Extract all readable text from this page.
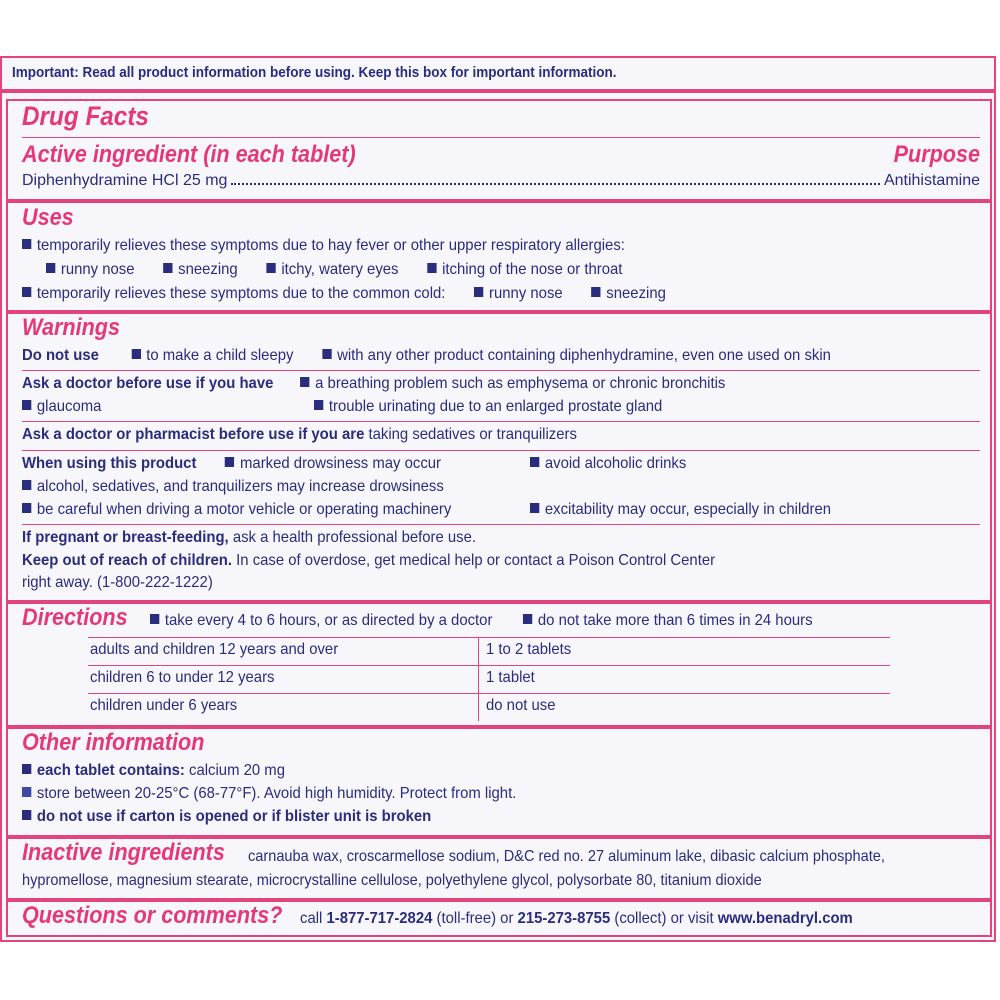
Important: Read all product information before using. Keep this box for important information.
Drug Facts
Active ingredient (in each tablet)	Purpose
Diphenhydramine HCl 25 mg	Antihistamine
Uses
temporarily relieves these symptoms due to hay fever or other upper respiratory allergies:
runny nose	sneezing	itchy, watery eyes	itching of the nose or throat
temporarily relieves these symptoms due to the common cold:	runny nose	sneezing
Warnings
Do not use	to make a child sleepy	with any other product containing diphenhydramine, even one used on skin
Ask a doctor before use if you have	a breathing problem such as emphysema or chronic bronchitis
glaucoma	trouble urinating due to an enlarged prostate gland
Ask a doctor or pharmacist before use if you are taking sedatives or tranquilizers
When using this product	marked drowsiness may occur	avoid alcoholic drinks
alcohol, sedatives, and tranquilizers may increase drowsiness
be careful when driving a motor vehicle or operating machinery	excitability may occur, especially in children
If pregnant or breast-feeding, ask a health professional before use.
Keep out of reach of children. In case of overdose, get medical help or contact a Poison Control Center
right away. (1-800-222-1222)
Directions	take every 4 to 6 hours, or as directed by a doctor	do not take more than 6 times in 24 hours
adults and children 12 years and over	1 to 2 tablets
children 6 to under 12 years	1 tablet
children under 6 years	do not use
Other information
each tablet contains: calcium 20 mg
store between 20-25°C (68-77°F). Avoid high humidity. Protect from light.
do not use if carton is opened or if blister unit is broken
Inactive ingredients carnauba wax, croscarmellose sodium, D&C red no. 27 aluminum lake, dibasic calcium phosphate,
hypromellose, magnesium stearate, microcrystalline cellulose, polyethylene glycol, polysorbate 80, titanium dioxide
Questions or comments? call 1-877-717-2824 (toll-free) or 215-273-8755 (collect) or visit www.benadryl.com
